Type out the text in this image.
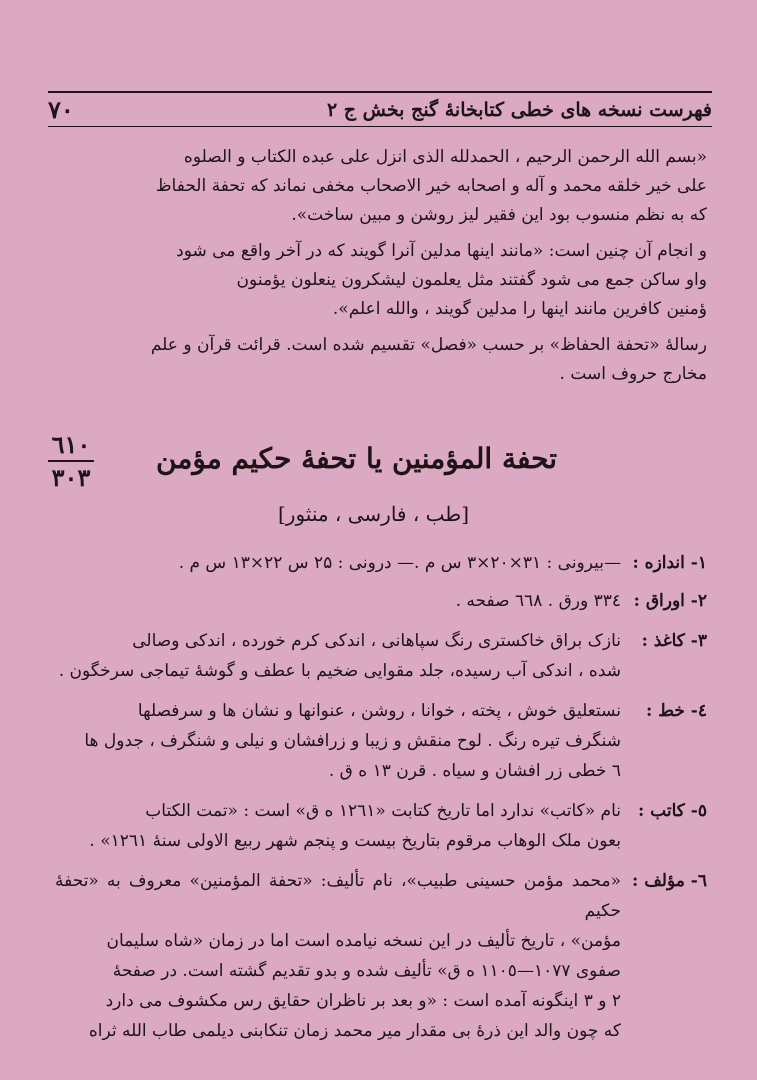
۷۰	فهرست نسخه های خطی کتابخانهٔ گنج بخش ج ۲

«بسم الله الرحمن الرحیم ، الحمدلله الذی انزل علی عبده الکتاب و الصلوه

علی خیر خلقه محمد و آله و اصحابه خیر الاصحاب مخفی نماند که تحفة الحفاظ

که به نظم منسوب بود این فقیر لیز روشن و مبین ساخت».

و انجام آن چنین است: «مانند اینها مدلین آنرا گویند که در آخر واقع می شود

واو ساکن جمع می شود گفتند مثل یعلمون لیشکرون ینعلون یؤمنون

ؤمنین کافرین مانند اینها را مدلین گویند ، والله اعلم».

رسالهٔ «تحفة الحفاظ» بر حسب «فصل» تقسیم شده است. قرائت قرآن و علم

مخارج حروف است .

٦١٠
٣٠٣
تحفة المؤمنین یا تحفهٔ حکیم مؤمن
[طب ، فارسی ، منثور]
۱- اندازه :

—بیرونی : ۳۱×۲۰×۳ س م .— درونی : ۲۵ س ۲۲×۱۳ س م .

۲- اوراق :

٣٣٤ ورق . ٦٦٨ صفحه .

۳- کاغذ :

نازک براق خاکستری رنگ سپاهانی ، اندکی کرم خورده ، اندکی وصالی

شده ، اندکی آب رسیده، جلد مقوایی ضخیم با عطف و گوشهٔ تیماجی سرخگون .

٤- خط :

نستعلیق خوش ، پخته ، خوانا ، روشن ، عنوانها و نشان ها و سرفصلها

شنگرف تیره رنگ . لوح منقش و زیبا و زرافشان و نیلی و شنگرف ، جدول ها

٦ خطی زر افشان و سیاه . قرن ١٣ ه ق .

٥- کاتب :

نام «کاتب» ندارد اما تاریخ کتابت «١٢٦١ ه ق» است : «تمت الکتاب

بعون ملک الوهاب مرقوم بتاریخ بیست و پنجم شهر ربیع الاولی سنهٔ ١٢٦١» .

٦- مؤلف :

«محمد مؤمن حسینی طبیب»، نام تألیف: «تحفة المؤمنین» معروف به «تحفهٔ حکیم

مؤمن» ، تاریخ تألیف در این نسخه نیامده است اما در زمان «شاه سلیمان

صفوی ١٠٧٧—١١٠٥ ه ق» تألیف شده و بدو تقدیم گشته است. در صفحهٔ

٢ و ٣ اینگونه آمده است : «و بعد بر ناظران حقایق رس مکشوف می دارد

که چون والد این ذرهٔ بی مقدار میر محمد زمان تنکابنی دیلمی طاب الله ثراه
